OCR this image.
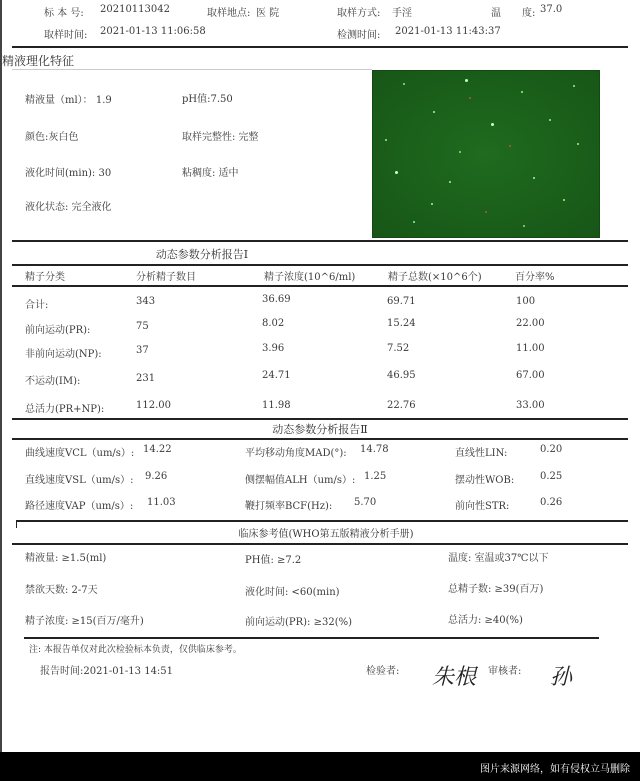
标 本 号: 20210113042	取样地点: 医 院	取样方式: 手淫	温 度: 37.0
取样时间: 2021-01-13 11:06:58	检测时间: 2021-01-13 11:43:37
精液理化特征
精液量（ml）： 1.9	pH值:7.50
颜色:灰白色	取样完整性: 完整
液化时间(min): 30	粘稠度: 适中
液化状态: 完全液化
动态参数分析报告Ⅰ
精子分类	分析精子数目	精子浓度(10^6/ml)	精子总数(×10^6个)	百分率%
合计:	343	36.69	69.71	100
前向运动(PR):	75	8.02	15.24	22.00
非前向运动(NP):	37	3.96	7.52	11.00
不运动(IM):	231	24.71	46.95	67.00
总活力(PR+NP):	112.00	11.98	22.76	33.00
动态参数分析报告Ⅱ
曲线速度VCL（um/s）: 14.22	平均移动角度MAD(°): 14.78	直线性LIN:	0.20
直线速度VSL（um/s）: 9.26	侧摆幅值ALH（um/s）: 1.25	摆动性WOB:	0.25
路径速度VAP（um/s）: 11.03	鞭打频率BCF(Hz): 5.70	前向性STR:	0.26
临床参考值(WHO第五版精液分析手册)
精液量: ≥1.5(ml)	PH值: ≥7.2	温度: 室温或37℃以下
禁欲天数: 2-7天	液化时间: <60(min)	总精子数: ≥39(百万)
精子浓度: ≥15(百万/毫升)	前向运动(PR): ≥32(%)	总活力: ≥40(%)
注: 本报告单仅对此次检验标本负责，仅供临床参考。
报告时间:2021-01-13 14:51	检验者: 朱根 审核者: 孙
图片来源网络，如有侵权立马删除
